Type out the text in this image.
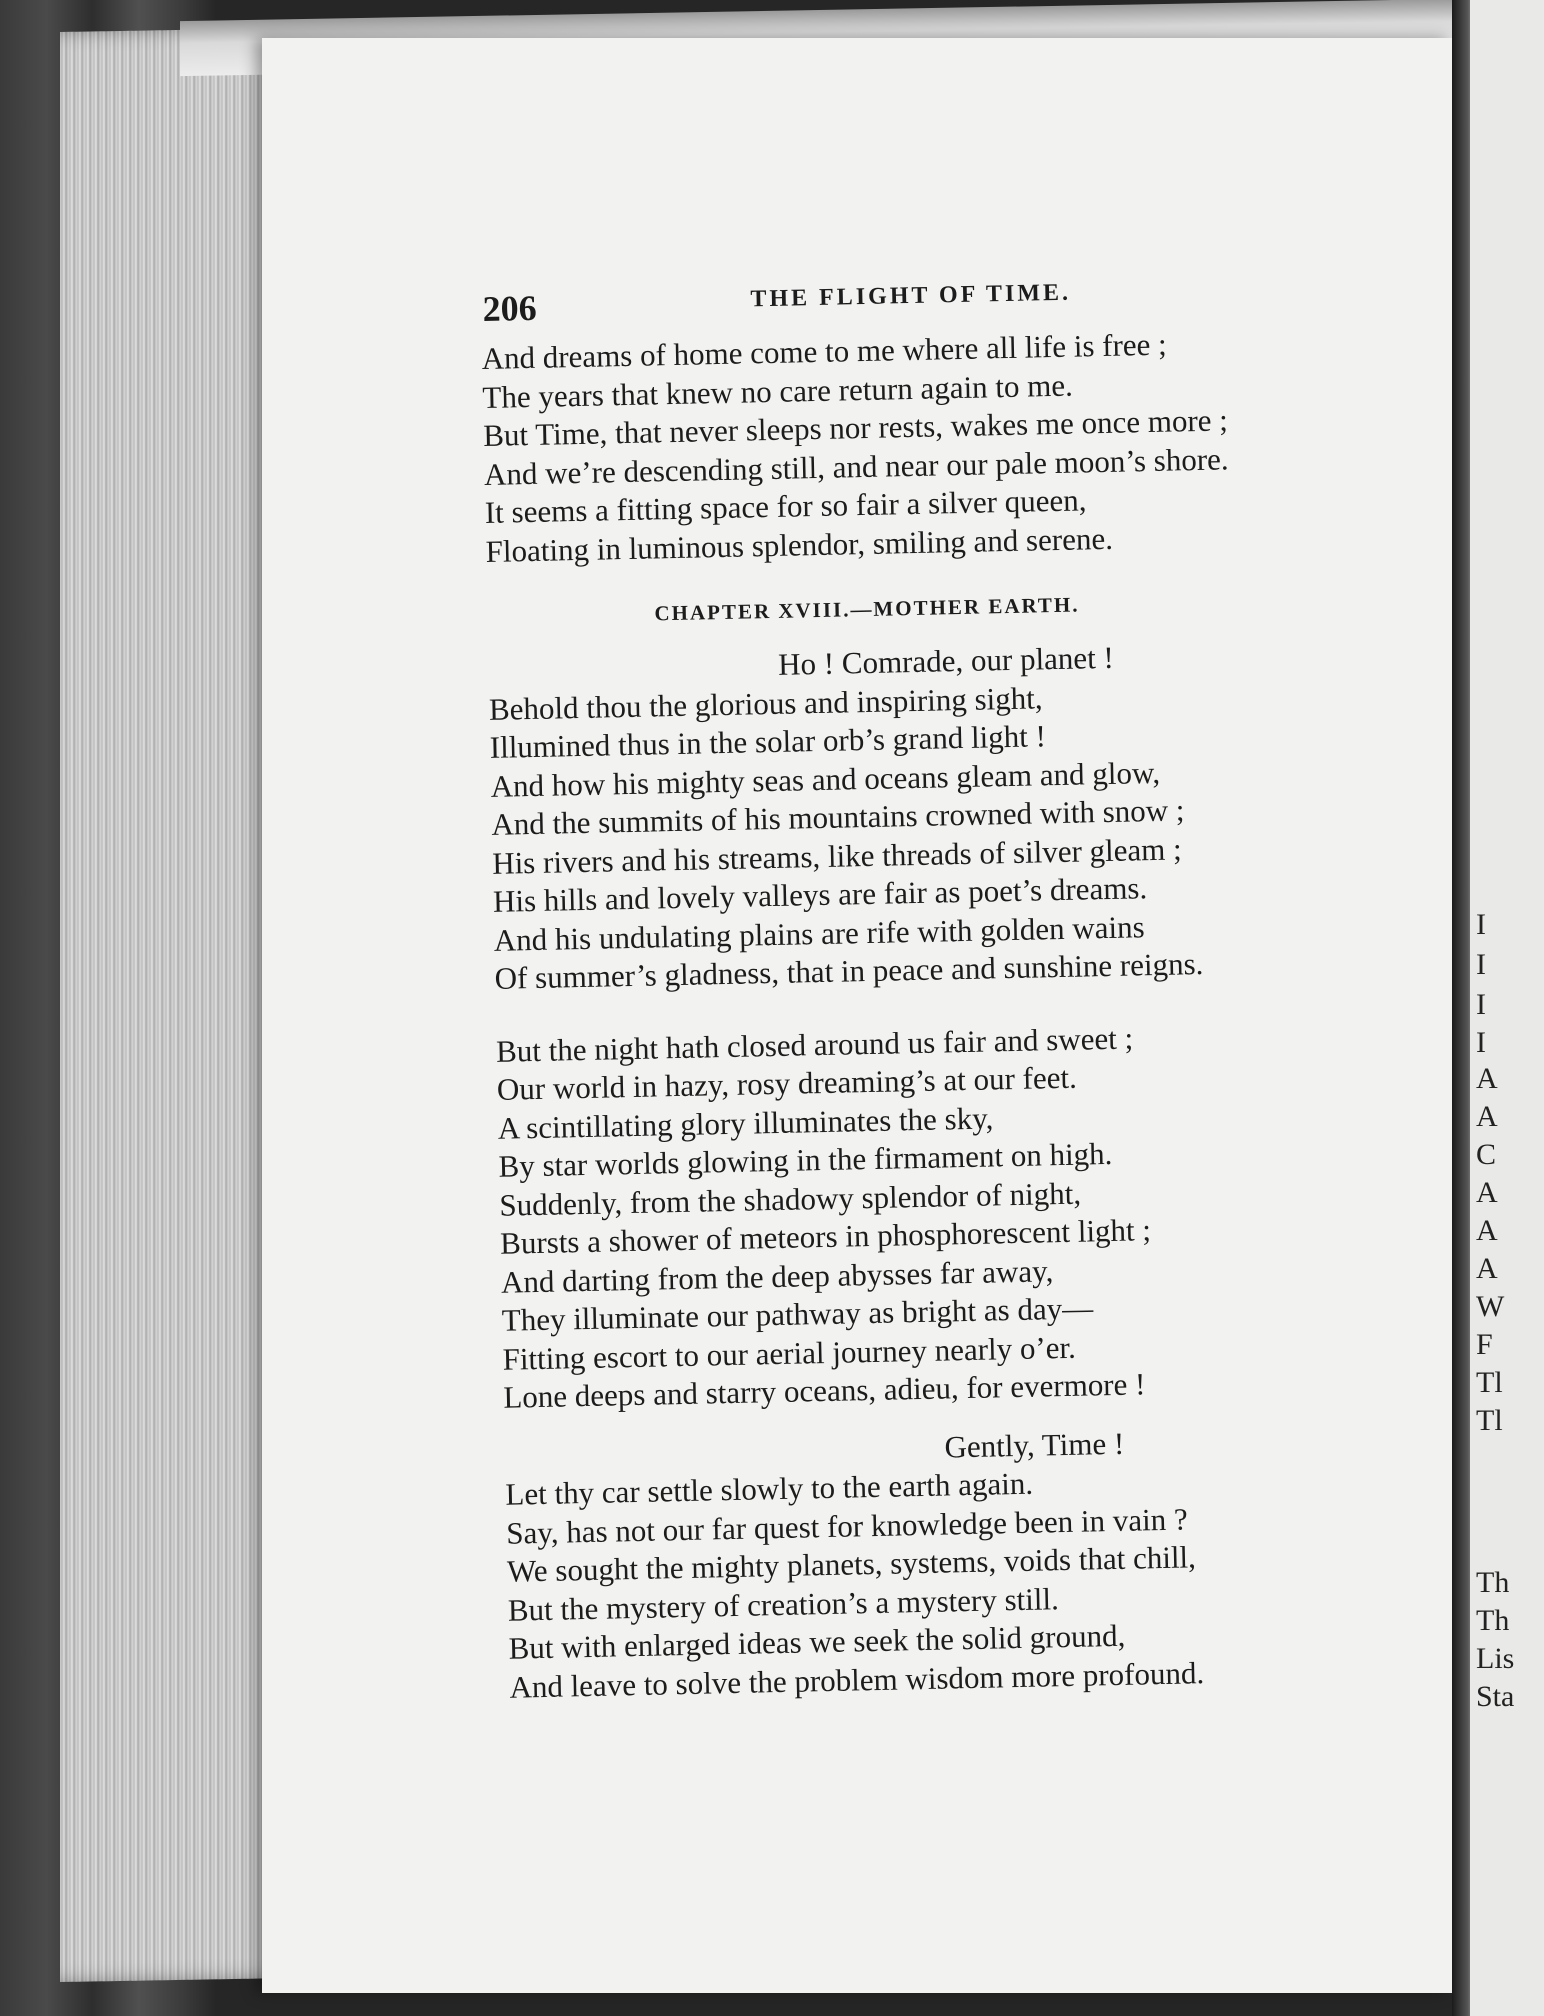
I
I
I
I
A
A
C
A
A
A
W
F
Tl
Tl
Th
Th
Lis
Sta
206	THE FLIGHT OF TIME.
And dreams of home come to me where all life is free ;
The years that knew no care return again to me.
But Time, that never sleeps nor rests, wakes me once more ;
And we’re descending still, and near our pale moon’s shore.
It seems a fitting space for so fair a silver queen,
Floating in luminous splendor, smiling and serene.
CHAPTER XVIII.—MOTHER EARTH.
Ho ! Comrade, our planet !
Behold thou the glorious and inspiring sight,
Illumined thus in the solar orb’s grand light !
And how his mighty seas and oceans gleam and glow,
And the summits of his mountains crowned with snow ;
His rivers and his streams, like threads of silver gleam ;
His hills and lovely valleys are fair as poet’s dreams.
And his undulating plains are rife with golden wains
Of summer’s gladness, that in peace and sunshine reigns.
But the night hath closed around us fair and sweet ;
Our world in hazy, rosy dreaming’s at our feet.
A scintillating glory illuminates the sky,
By star worlds glowing in the firmament on high.
Suddenly, from the shadowy splendor of night,
Bursts a shower of meteors in phosphorescent light ;
And darting from the deep abysses far away,
They illuminate our pathway as bright as day—
Fitting escort to our aerial journey nearly o’er.
Lone deeps and starry oceans, adieu, for evermore !
Gently, Time !
Let thy car settle slowly to the earth again.
Say, has not our far quest for knowledge been in vain ?
We sought the mighty planets, systems, voids that chill,
But the mystery of creation’s a mystery still.
But with enlarged ideas we seek the solid ground,
And leave to solve the problem wisdom more profound.
